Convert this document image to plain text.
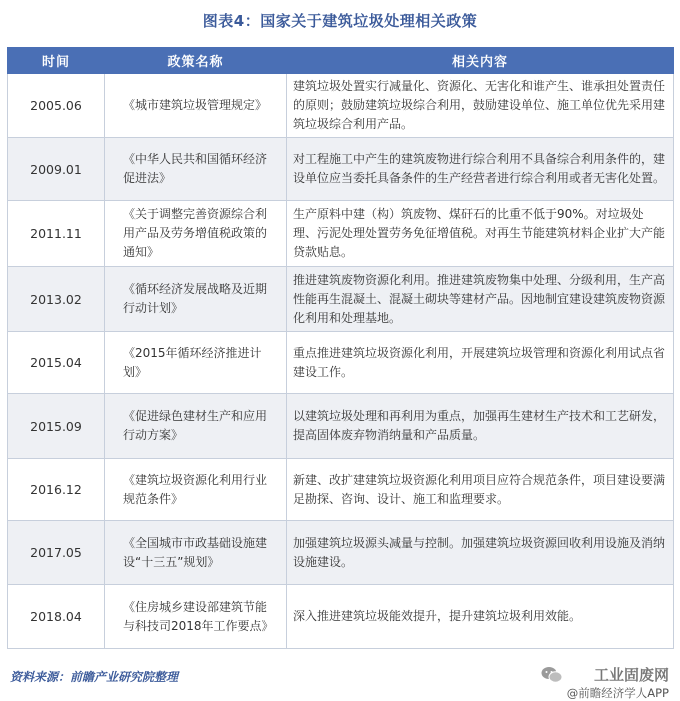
图表4：国家关于建筑垃圾处理相关政策
时间	政策名称	相关内容
2005.06	《城市建筑垃圾管理规定》	建筑垃圾处置实行减量化、资源化、无害化和谁产生、谁承担处置责任的原则；鼓励建筑垃圾综合利用，鼓励建设单位、施工单位优先采用建筑垃圾综合利用产品。
2009.01	《中华人民共和国循环经济促进法》	对工程施工中产生的建筑废物进行综合利用不具备综合利用条件的，建设单位应当委托具备条件的生产经营者进行综合利用或者无害化处置。
2011.11	《关于调整完善资源综合利用产品及劳务增值税政策的通知》	生产原料中建（构）筑废物、煤矸石的比重不低于90%。对垃圾处理、污泥处理处置劳务免征增值税。对再生节能建筑材料企业扩大产能贷款贴息。
2013.02	《循环经济发展战略及近期行动计划》	推进建筑废物资源化利用。推进建筑废物集中处理、分级利用，生产高性能再生混凝土、混凝土砌块等建材产品。因地制宜建设建筑废物资源化利用和处理基地。
2015.04	《2015年循环经济推进计划》	重点推进建筑垃圾资源化利用，开展建筑垃圾管理和资源化利用试点省建设工作。
2015.09	《促进绿色建材生产和应用行动方案》	以建筑垃圾处理和再利用为重点，加强再生建材生产技术和工艺研发，提高固体废弃物消纳量和产品质量。
2016.12	《建筑垃圾资源化利用行业规范条件》	新建、改扩建建筑垃圾资源化利用项目应符合规范条件，项目建设要满足勘探、咨询、设计、施工和监理要求。
2017.05	《全国城市市政基础设施建设“十三五”规划》	加强建筑垃圾源头减量与控制。加强建筑垃圾资源回收利用设施及消纳设施建设。
2018.04	《住房城乡建设部建筑节能与科技司2018年工作要点》	深入推进建筑垃圾能效提升，提升建筑垃圾利用效能。
资料来源：前瞻产业研究院整理	工业固废网
@前瞻经济学人APP
